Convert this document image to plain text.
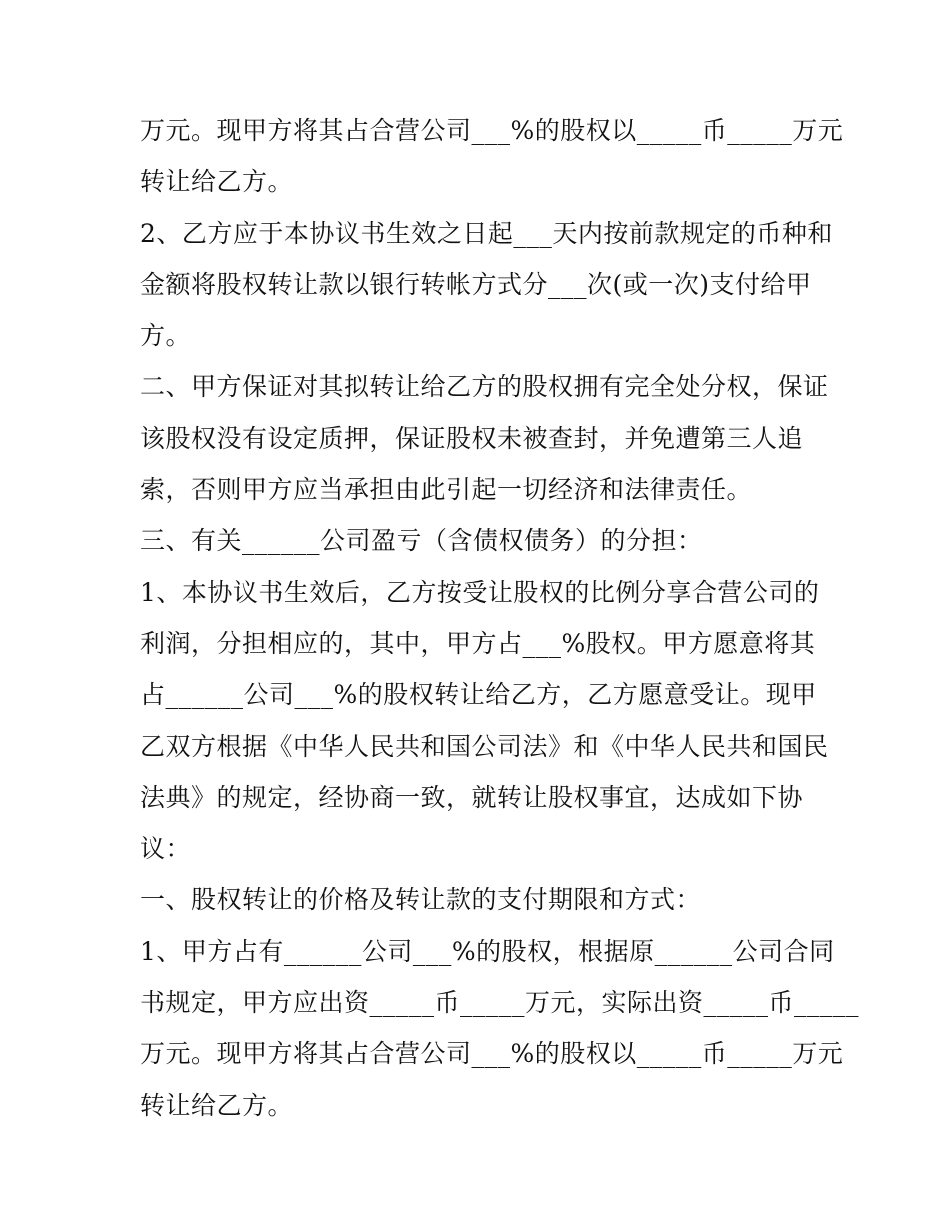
万元。现甲方将其占合营公司___%的股权以_____币_____万元
转让给乙方。
2、乙方应于本协议书生效之日起___天内按前款规定的币种和
金额将股权转让款以银行转帐方式分___次(或一次)支付给甲
方。
二、甲方保证对其拟转让给乙方的股权拥有完全处分权，保证
该股权没有设定质押，保证股权未被查封，并免遭第三人追
索，否则甲方应当承担由此引起一切经济和法律责任。
三、有关______公司盈亏（含债权债务）的分担：
1、本协议书生效后，乙方按受让股权的比例分享合营公司的
利润，分担相应的，其中，甲方占___%股权。甲方愿意将其
占______公司___%的股权转让给乙方，乙方愿意受让。现甲
乙双方根据《中华人民共和国公司法》和《中华人民共和国民
法典》的规定，经协商一致，就转让股权事宜，达成如下协
议：
一、股权转让的价格及转让款的支付期限和方式：
1、甲方占有______公司___%的股权，根据原______公司合同
书规定，甲方应出资_____币_____万元，实际出资_____币_____
万元。现甲方将其占合营公司___%的股权以_____币_____万元
转让给乙方。
